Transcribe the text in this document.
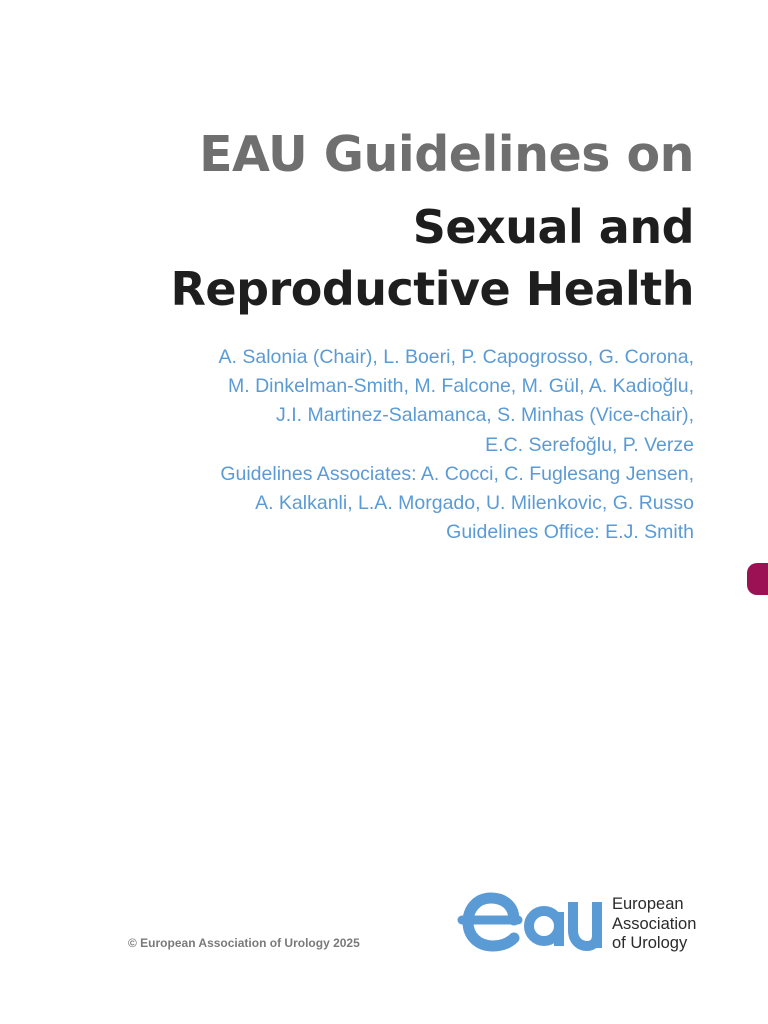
EAU Guidelines on
Sexual and
Reproductive Health
A. Salonia (Chair), L. Boeri, P. Capogrosso, G. Corona,
M. Dinkelman-Smith, M. Falcone, M. Gül, A. Kadioğlu,
J.I. Martinez-Salamanca, S. Minhas (Vice-chair),
E.C. Serefoğlu, P. Verze
Guidelines Associates: A. Cocci, C. Fuglesang Jensen,
A. Kalkanli, L.A. Morgado, U. Milenkovic, G. Russo
Guidelines Office: E.J. Smith
© European Association of Urology 2025
European
Association
of Urology
